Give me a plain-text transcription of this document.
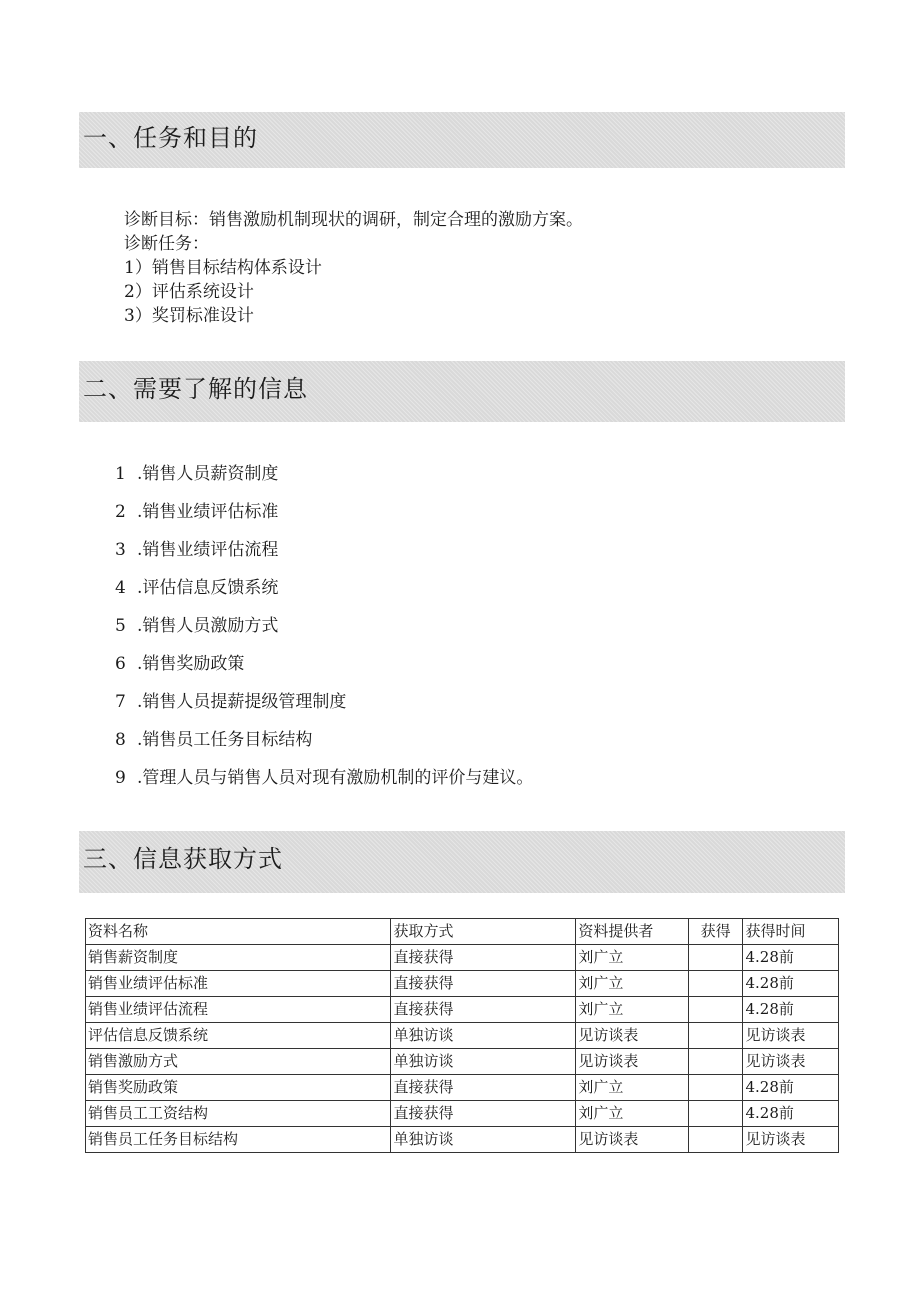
一、任务和目的
诊断目标：销售激励机制现状的调研，制定合理的激励方案。
诊断任务：
1）销售目标结构体系设计
2）评估系统设计
3）奖罚标准设计
二、需要了解的信息
1 .销售人员薪资制度
2 .销售业绩评估标准
3 .销售业绩评估流程
4 .评估信息反馈系统
5 .销售人员激励方式
6 .销售奖励政策
7 .销售人员提薪提级管理制度
8 .销售员工任务目标结构
9 .管理人员与销售人员对现有激励机制的评价与建议。
三、信息获取方式
资料名称	获取方式	资料提供者	获得	获得时间
销售薪资制度	直接获得	刘广立		4.28前
销售业绩评估标准	直接获得	刘广立		4.28前
销售业绩评估流程	直接获得	刘广立		4.28前
评估信息反馈系统	单独访谈	见访谈表		见访谈表
销售激励方式	单独访谈	见访谈表		见访谈表
销售奖励政策	直接获得	刘广立		4.28前
销售员工工资结构	直接获得	刘广立		4.28前
销售员工任务目标结构	单独访谈	见访谈表		见访谈表
